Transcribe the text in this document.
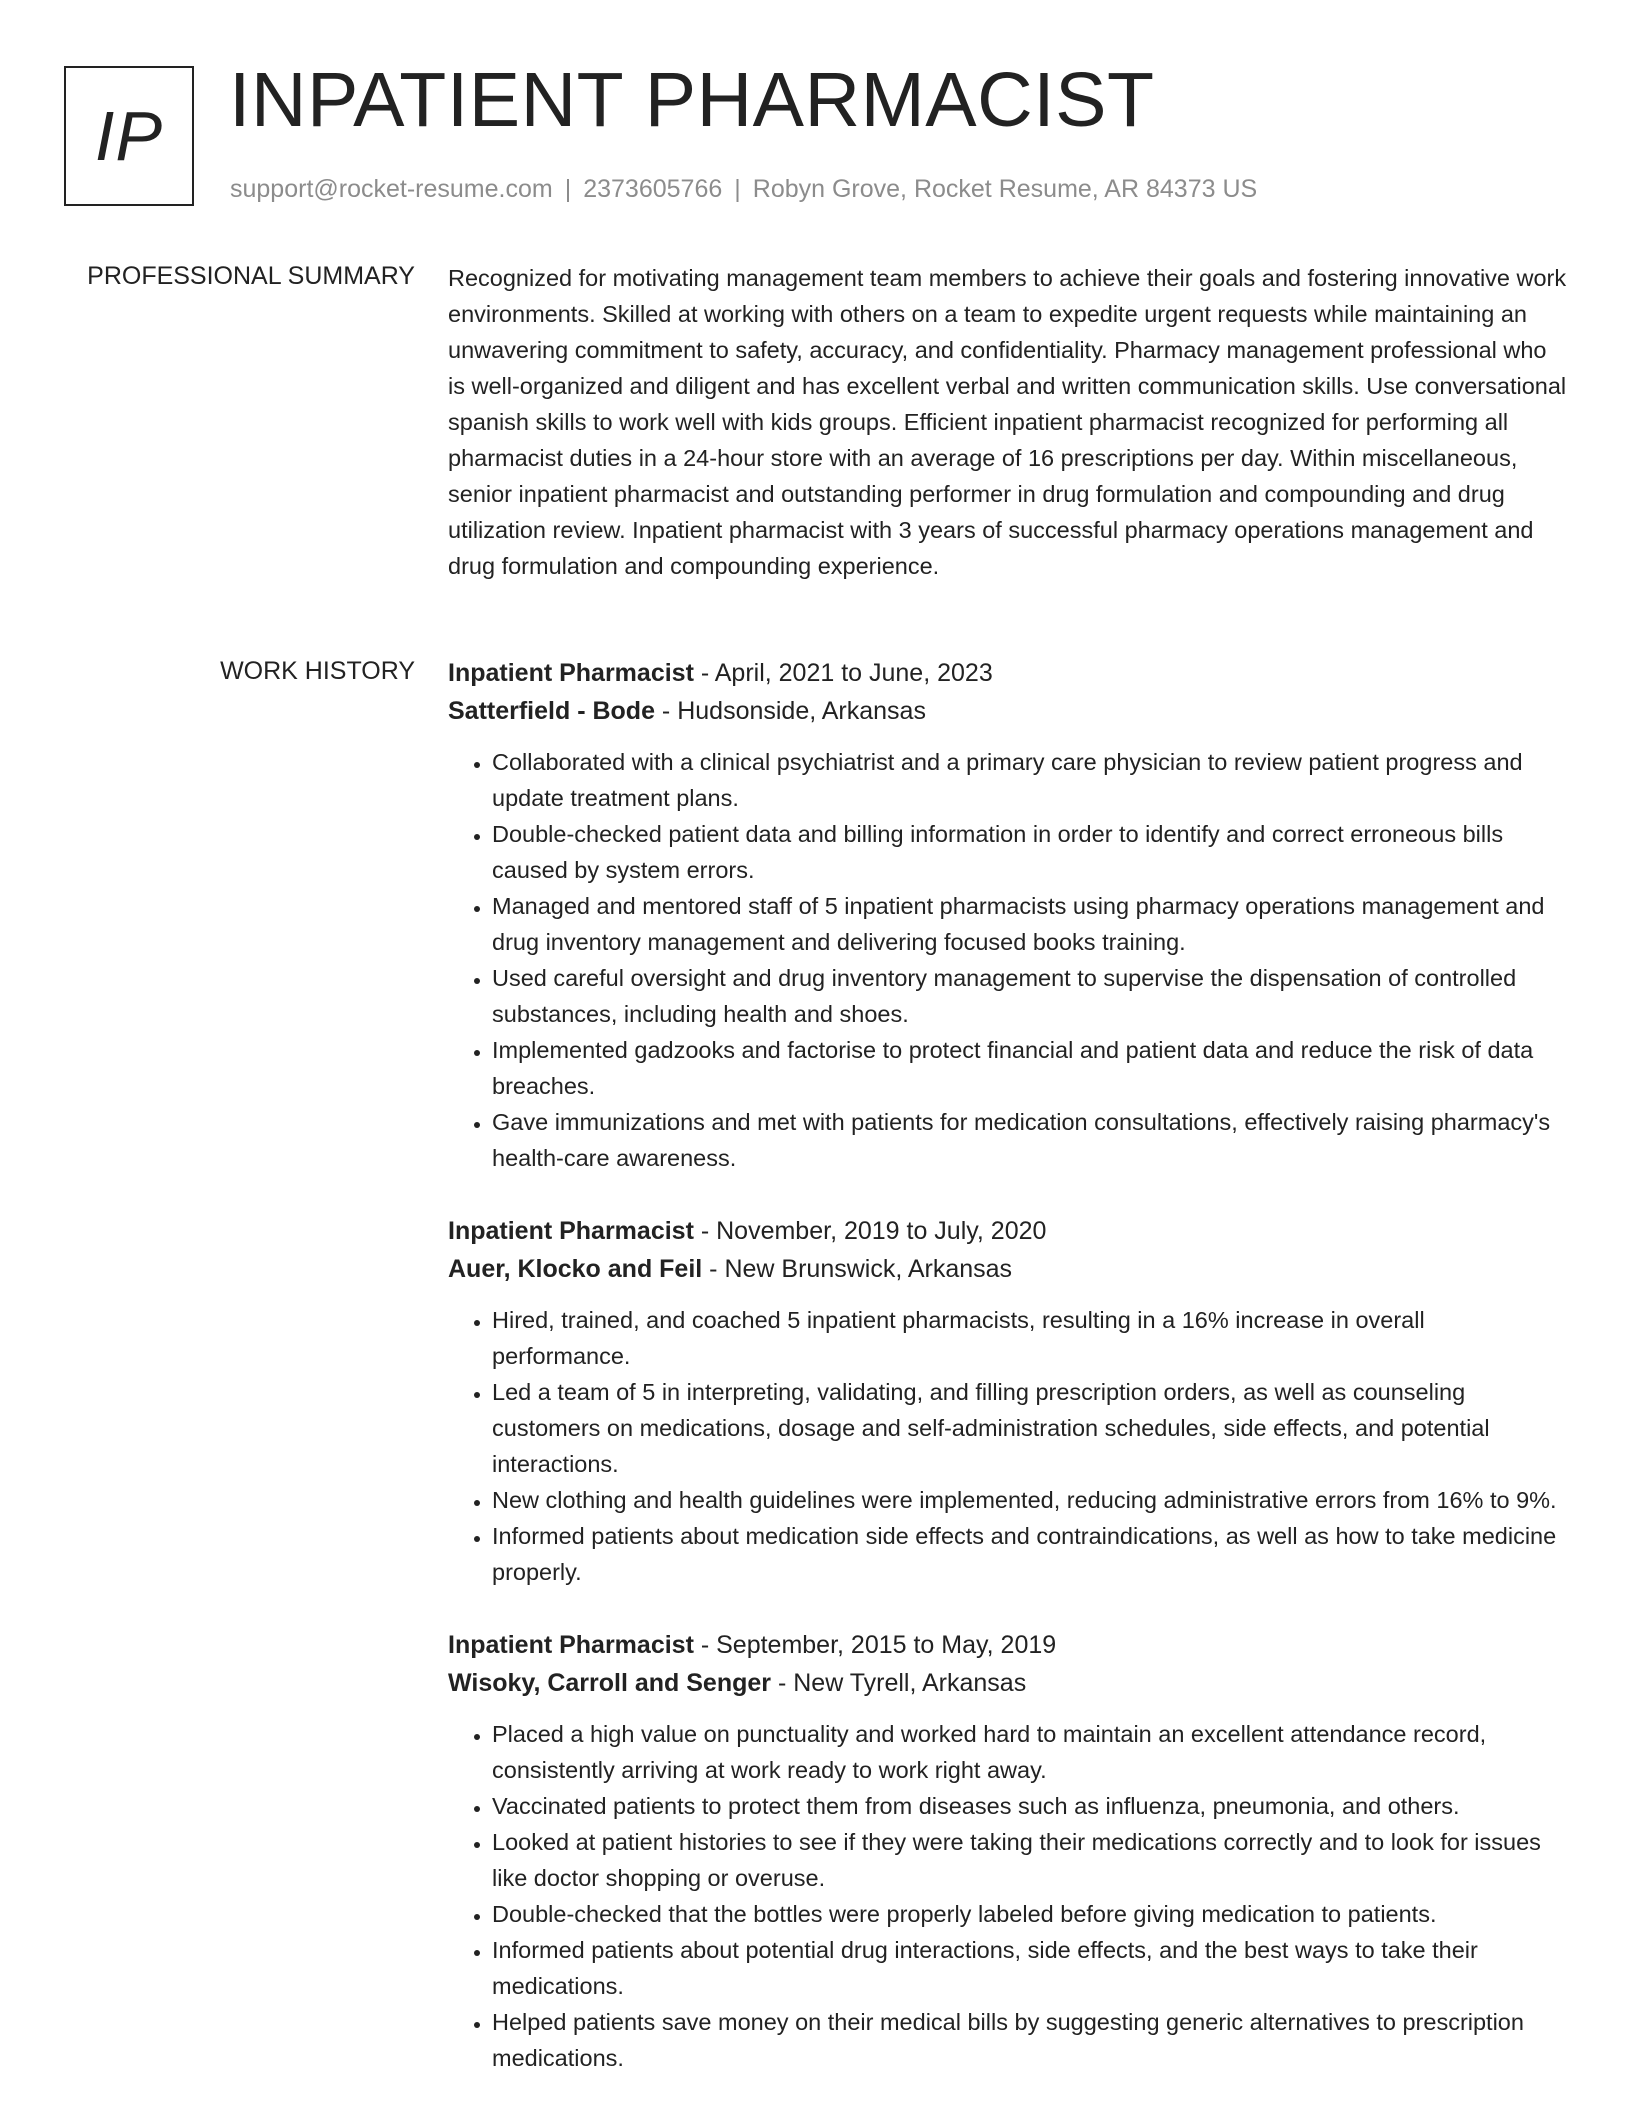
IP INPATIENT PHARMACIST
support@rocket-resume.com | 2373605766 | Robyn Grove, Rocket Resume, AR 84373 US
PROFESSIONAL SUMMARY Recognized for motivating management team members to achieve their goals and fostering innovative work environments. Skilled at working with others on a team to expedite urgent requests while maintaining an unwavering commitment to safety, accuracy, and confidentiality. Pharmacy management professional who is well-organized and diligent and has excellent verbal and written communication skills. Use conversational spanish skills to work well with kids groups. Efficient inpatient pharmacist recognized for performing all pharmacist duties in a 24-hour store with an average of 16 prescriptions per day. Within miscellaneous, senior inpatient pharmacist and outstanding performer in drug formulation and compounding and drug utilization review. Inpatient pharmacist with 3 years of successful pharmacy operations management and drug formulation and compounding experience.

WORK HISTORY Inpatient Pharmacist - April, 2021 to June, 2023
Satterfield - Bode - Hudsonside, Arkansas
• Collaborated with a clinical psychiatrist and a primary care physician to review patient progress and update treatment plans.
• Double-checked patient data and billing information in order to identify and correct erroneous bills caused by system errors.
• Managed and mentored staff of 5 inpatient pharmacists using pharmacy operations management and drug inventory management and delivering focused books training.
• Used careful oversight and drug inventory management to supervise the dispensation of controlled substances, including health and shoes.
• Implemented gadzooks and factorise to protect financial and patient data and reduce the risk of data breaches.
• Gave immunizations and met with patients for medication consultations, effectively raising pharmacy's health-care awareness.
Inpatient Pharmacist - November, 2019 to July, 2020
Auer, Klocko and Feil - New Brunswick, Arkansas
• Hired, trained, and coached 5 inpatient pharmacists, resulting in a 16% increase in overall performance.
• Led a team of 5 in interpreting, validating, and filling prescription orders, as well as counseling customers on medications, dosage and self-administration schedules, side effects, and potential interactions.
• New clothing and health guidelines were implemented, reducing administrative errors from 16% to 9%.
• Informed patients about medication side effects and contraindications, as well as how to take medicine properly.
Inpatient Pharmacist - September, 2015 to May, 2019
Wisoky, Carroll and Senger - New Tyrell, Arkansas
• Placed a high value on punctuality and worked hard to maintain an excellent attendance record, consistently arriving at work ready to work right away.
• Vaccinated patients to protect them from diseases such as influenza, pneumonia, and others.
• Looked at patient histories to see if they were taking their medications correctly and to look for issues like doctor shopping or overuse.
• Double-checked that the bottles were properly labeled before giving medication to patients.
• Informed patients about potential drug interactions, side effects, and the best ways to take their medications.
• Helped patients save money on their medical bills by suggesting generic alternatives to prescription medications.
